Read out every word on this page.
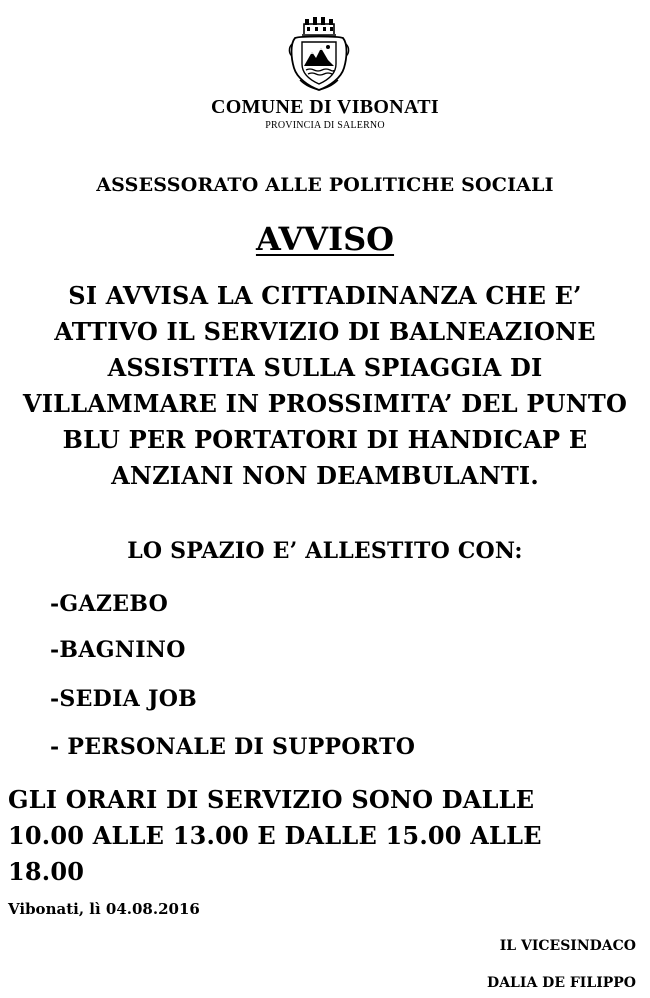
COMUNE DI VIBONATI
PROVINCIA DI SALERNO
ASSESSORATO ALLE POLITICHE SOCIALI
AVVISO
SI AVVISA LA CITTADINANZA CHE E’ ATTIVO IL SERVIZIO DI BALNEAZIONE ASSISTITA SULLA SPIAGGIA DI VILLAMMARE IN PROSSIMITA’ DEL PUNTO BLU PER PORTATORI DI HANDICAP E ANZIANI NON DEAMBULANTI.
LO SPAZIO E’ ALLESTITO CON:
-GAZEBO
-BAGNINO
-SEDIA JOB
- PERSONALE DI SUPPORTO
GLI ORARI DI SERVIZIO SONO DALLE 10.00 ALLE 13.00 E DALLE 15.00 ALLE 18.00
Vibonati, lì 04.08.2016
IL VICESINDACO
DALIA DE FILIPPO
